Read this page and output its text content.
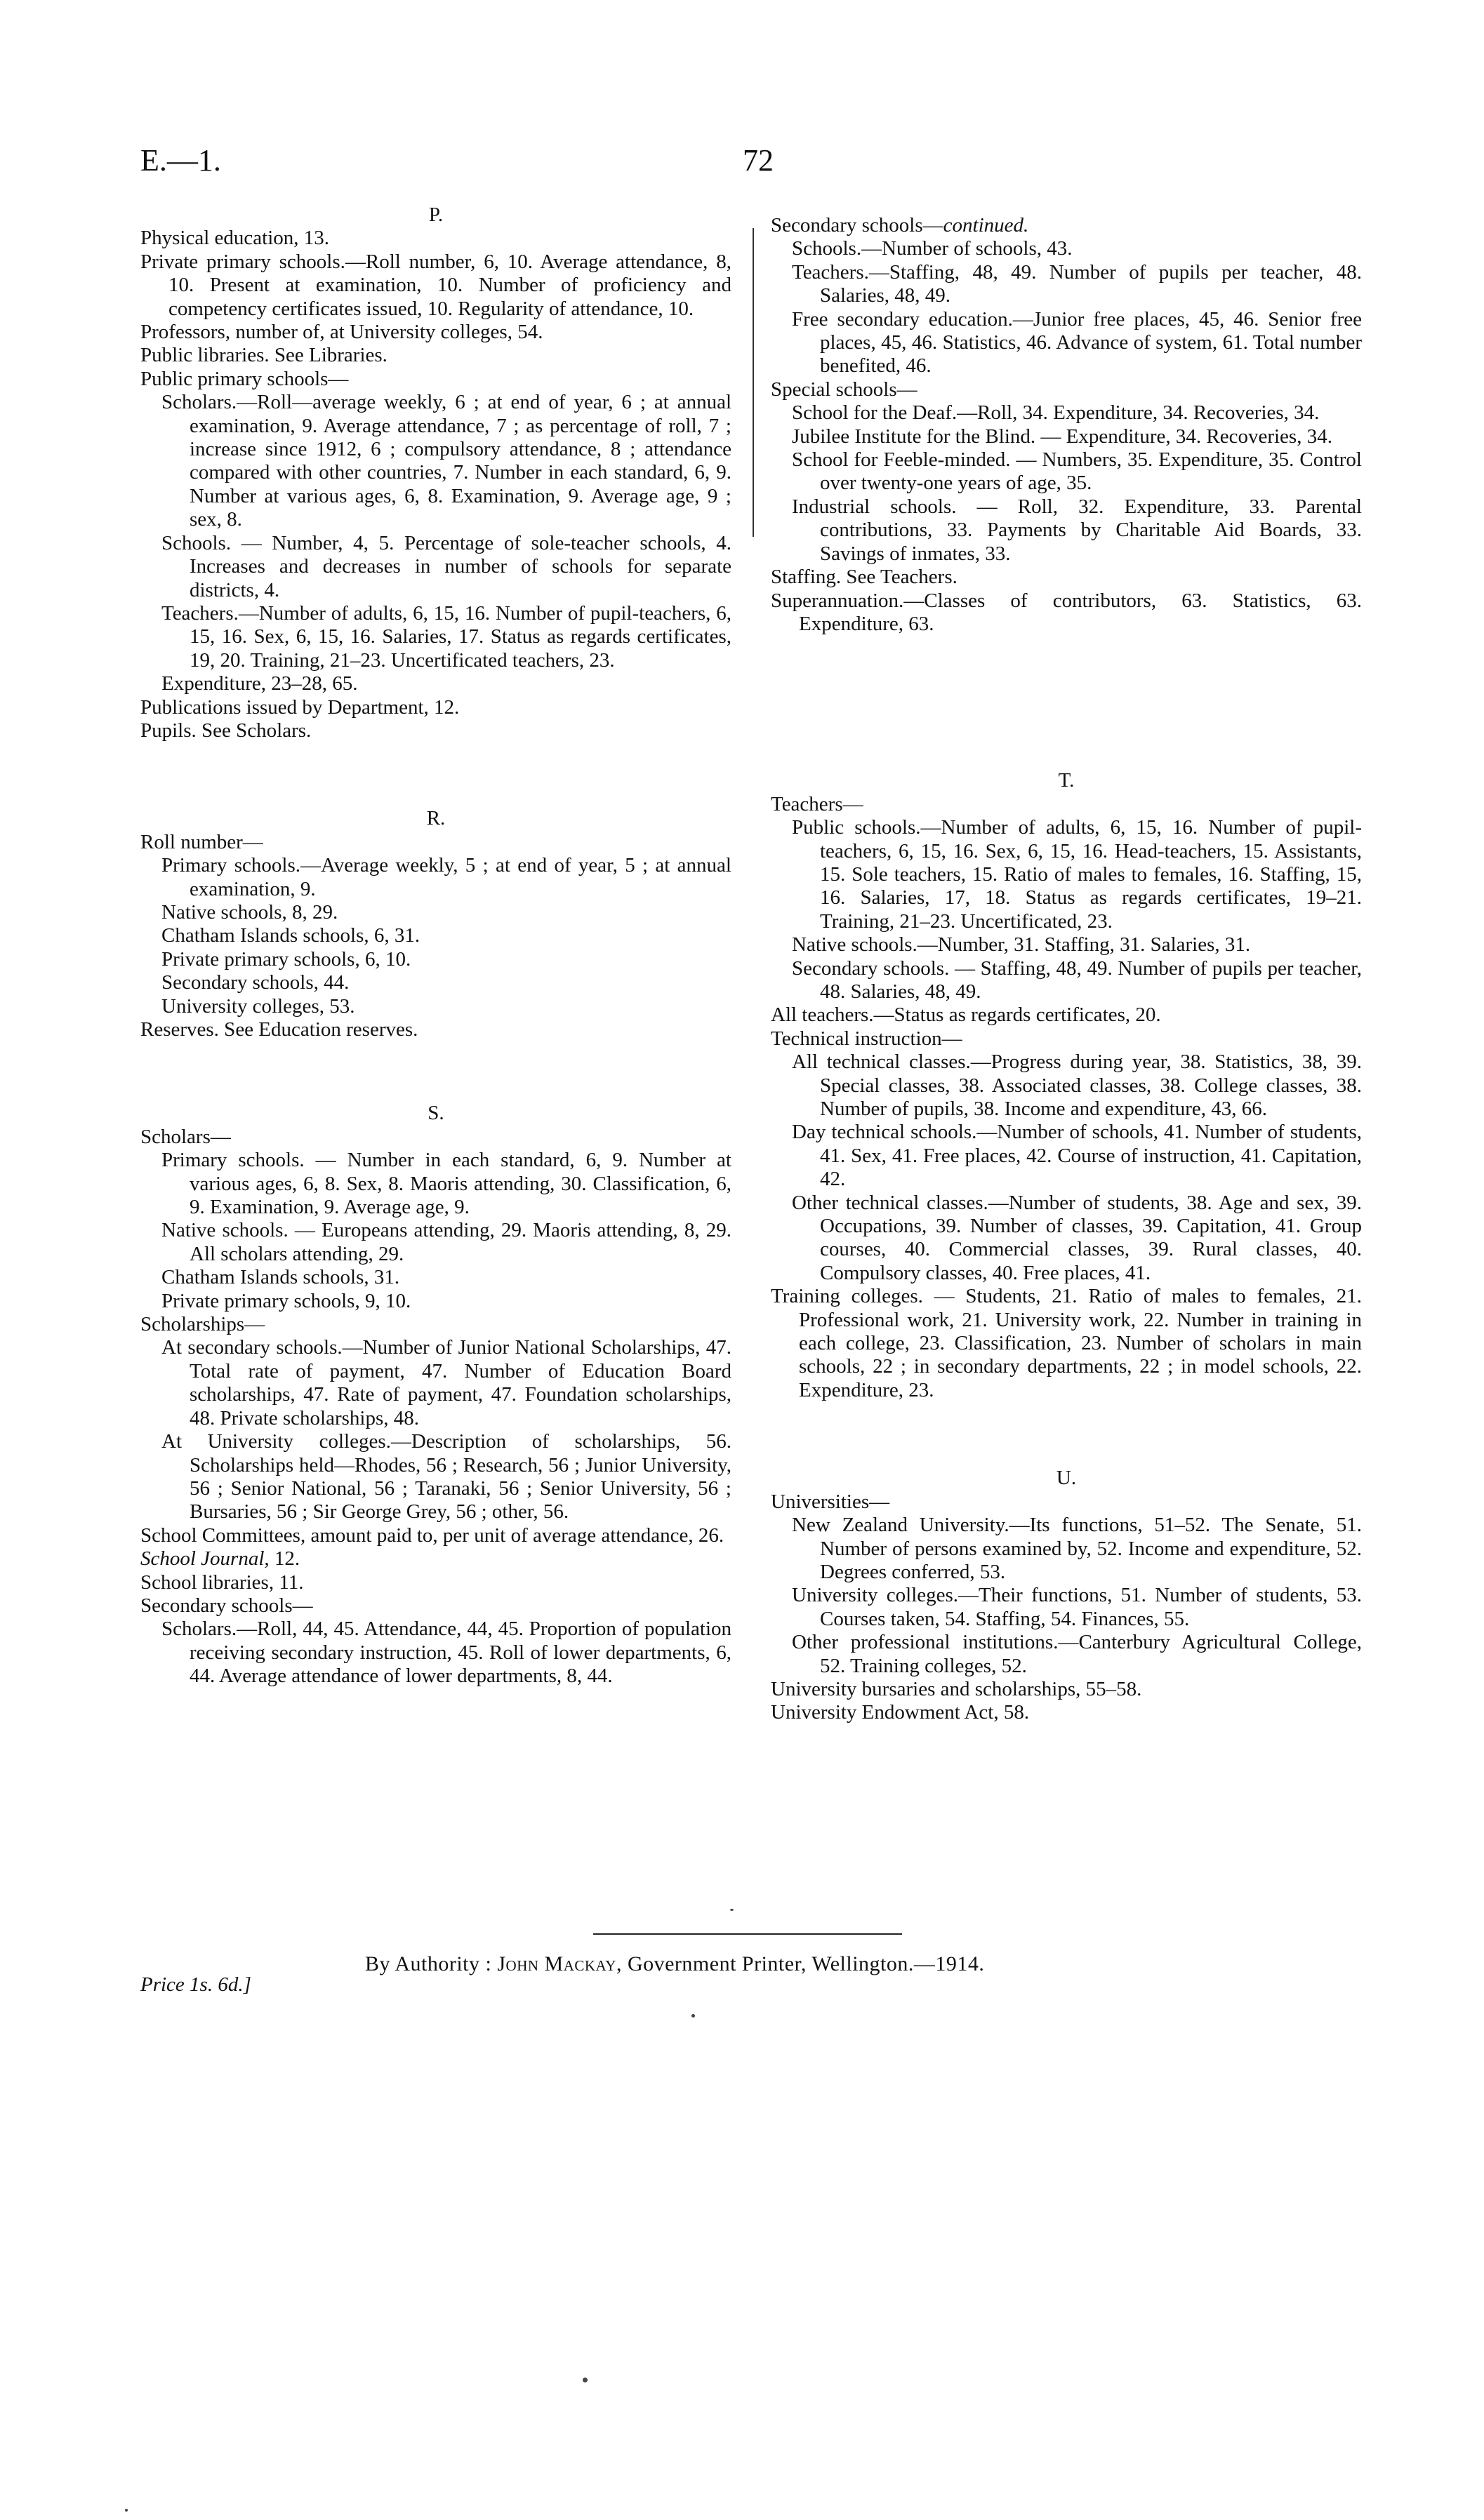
E.—1.	72

P.

Physical education, 13.

Private primary schools.—Roll number, 6, 10. Average attendance, 8, 10. Present at examination, 10. Number of proficiency and competency certificates issued, 10. Regularity of attendance, 10.

Professors, number of, at University colleges, 54.

Public libraries. See Libraries.

Public primary schools—

Scholars.—Roll—average weekly, 6 ; at end of year, 6 ; at annual examination, 9. Average attendance, 7 ; as percentage of roll, 7 ; increase since 1912, 6 ; compulsory attendance, 8 ; attendance compared with other countries, 7. Number in each standard, 6, 9. Number at various ages, 6, 8. Examination, 9. Average age, 9 ; sex, 8.

Schools. — Number, 4, 5. Percentage of sole-teacher schools, 4. Increases and decreases in number of schools for separate districts, 4.

Teachers.—Number of adults, 6, 15, 16. Number of pupil-teachers, 6, 15, 16. Sex, 6, 15, 16. Salaries, 17. Status as regards certificates, 19, 20. Training, 21–23. Uncertificated teachers, 23.

Expenditure, 23–28, 65.

Publications issued by Department, 12.

Pupils. See Scholars.

R.

Roll number—

Primary schools.—Average weekly, 5 ; at end of year, 5 ; at annual examination, 9.

Native schools, 8, 29.

Chatham Islands schools, 6, 31.

Private primary schools, 6, 10.

Secondary schools, 44.

University colleges, 53.

Reserves. See Education reserves.

S.

Scholars—

Primary schools. — Number in each standard, 6, 9. Number at various ages, 6, 8. Sex, 8. Maoris attending, 30. Classification, 6, 9. Examination, 9. Average age, 9.

Native schools. — Europeans attending, 29. Maoris attending, 8, 29. All scholars attending, 29.

Chatham Islands schools, 31.

Private primary schools, 9, 10.

Scholarships—

At secondary schools.—Number of Junior National Scholarships, 47. Total rate of payment, 47. Number of Education Board scholarships, 47. Rate of payment, 47. Foundation scholarships, 48. Private scholarships, 48.

At University colleges.—Description of scholarships, 56. Scholarships held—Rhodes, 56 ; Research, 56 ; Junior University, 56 ; Senior National, 56 ; Taranaki, 56 ; Senior University, 56 ; Bursaries, 56 ; Sir George Grey, 56 ; other, 56.

School Committees, amount paid to, per unit of average attendance, 26.

School Journal, 12.

School libraries, 11.

Secondary schools—

Scholars.—Roll, 44, 45. Attendance, 44, 45. Proportion of population receiving secondary instruction, 45. Roll of lower departments, 6, 44. Average attendance of lower departments, 8, 44.

Secondary schools—continued.

Schools.—Number of schools, 43.

Teachers.—Staffing, 48, 49. Number of pupils per teacher, 48. Salaries, 48, 49.

Free secondary education.—Junior free places, 45, 46. Senior free places, 45, 46. Statistics, 46. Advance of system, 61. Total number benefited, 46.

Special schools—

School for the Deaf.—Roll, 34. Expenditure, 34. Recoveries, 34.

Jubilee Institute for the Blind. — Expenditure, 34. Recoveries, 34.

School for Feeble-minded. — Numbers, 35. Expenditure, 35. Control over twenty-one years of age, 35.

Industrial schools. — Roll, 32. Expenditure, 33. Parental contributions, 33. Payments by Charitable Aid Boards, 33. Savings of inmates, 33.

Staffing. See Teachers.

Superannuation.—Classes of contributors, 63. Statistics, 63. Expenditure, 63.

T.

Teachers—

Public schools.—Number of adults, 6, 15, 16. Number of pupil-teachers, 6, 15, 16. Sex, 6, 15, 16. Head-teachers, 15. Assistants, 15. Sole teachers, 15. Ratio of males to females, 16. Staffing, 15, 16. Salaries, 17, 18. Status as regards certificates, 19–21. Training, 21–23. Uncertificated, 23.

Native schools.—Number, 31. Staffing, 31. Salaries, 31.

Secondary schools. — Staffing, 48, 49. Number of pupils per teacher, 48. Salaries, 48, 49.

All teachers.—Status as regards certificates, 20.

Technical instruction—

All technical classes.—Progress during year, 38. Statistics, 38, 39. Special classes, 38. Associated classes, 38. College classes, 38. Number of pupils, 38. Income and expenditure, 43, 66.

Day technical schools.—Number of schools, 41. Number of students, 41. Sex, 41. Free places, 42. Course of instruction, 41. Capitation, 42.

Other technical classes.—Number of students, 38. Age and sex, 39. Occupations, 39. Number of classes, 39. Capitation, 41. Group courses, 40. Commercial classes, 39. Rural classes, 40. Compulsory classes, 40. Free places, 41.

Training colleges. — Students, 21. Ratio of males to females, 21. Professional work, 21. University work, 22. Number in training in each college, 23. Classification, 23. Number of scholars in main schools, 22 ; in secondary departments, 22 ; in model schools, 22. Expenditure, 23.

U.

Universities—

New Zealand University.—Its functions, 51–52. The Senate, 51. Number of persons examined by, 52. Income and expenditure, 52. Degrees conferred, 53.

University colleges.—Their functions, 51. Number of students, 53. Courses taken, 54. Staffing, 54. Finances, 55.

Other professional institutions.—Canterbury Agricultural College, 52. Training colleges, 52.

University bursaries and scholarships, 55–58.

University Endowment Act, 58.

By Authority : John Mackay, Government Printer, Wellington.—1914.
Price 1s. 6d.]
